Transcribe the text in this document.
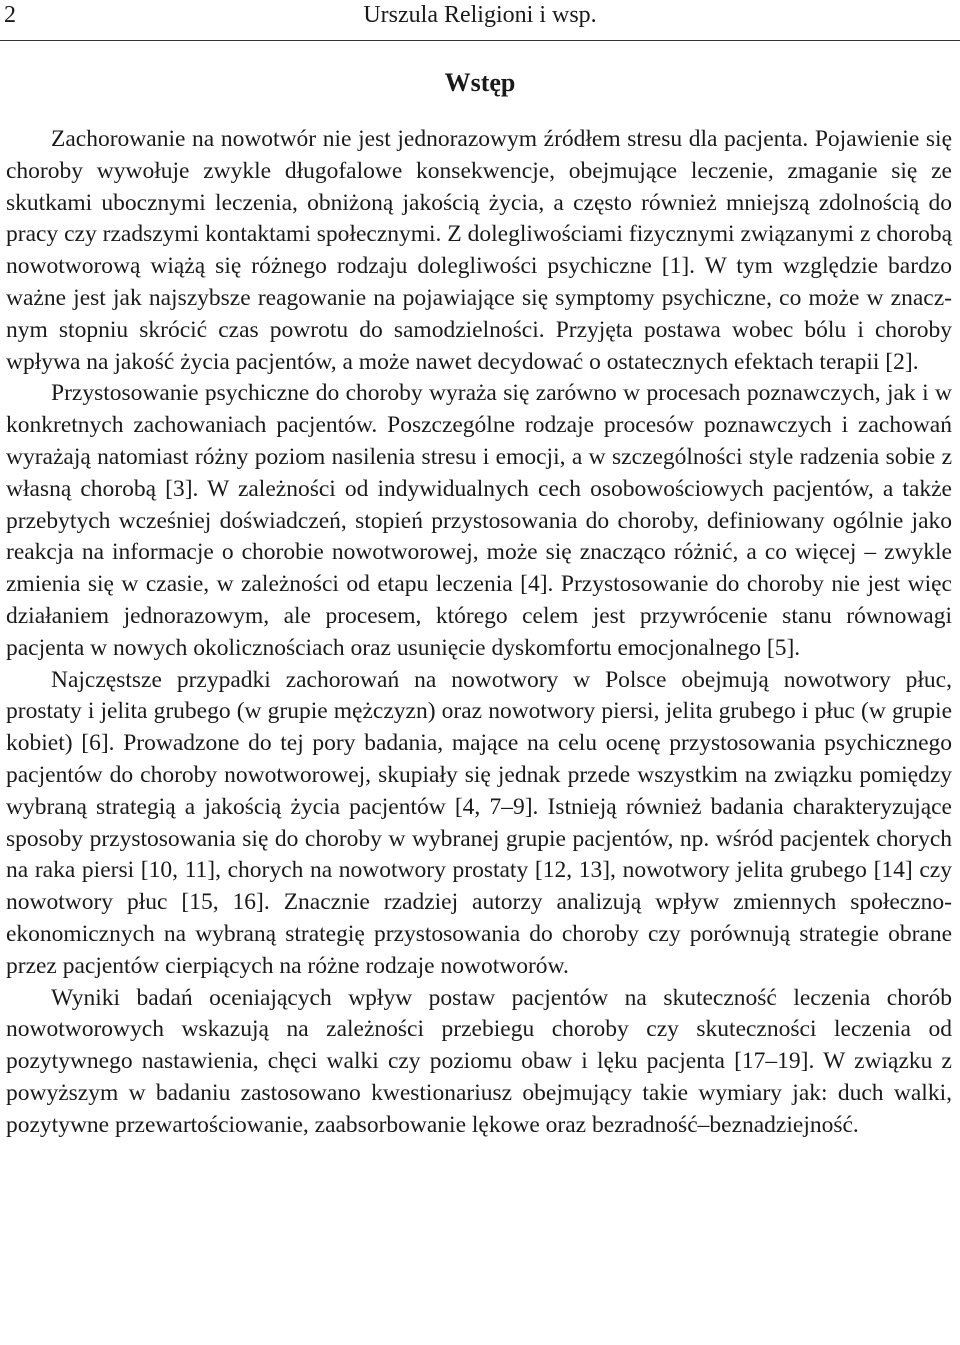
2	Urszula Religioni i wsp.
Wstęp

Zachorowanie na nowotwór nie jest jednorazowym źródłem stresu dla pacjenta. Pojawienie się choroby wywołuje zwykle długofalowe konsekwencje, obejmujące leczenie, zmaganie się ze skutkami ubocznymi leczenia, obniżoną jakością życia, a często również mniejszą zdolnością do pracy czy rzadszymi kontaktami społecznymi. Z dolegliwościami fizycznymi związanymi z chorobą nowotworową wiążą się różnego rodzaju dolegliwości psychiczne [1]. W tym względzie bardzo ważne jest jak najszybsze reagowanie na pojawiające się symptomy psychiczne, co może w znacznym stopniu skrócić czas powrotu do samodzielności. Przyjęta postawa wobec bólu i choroby wpływa na jakość życia pacjentów, a może nawet decydować o ostatecznych efektach terapii [2].

Przystosowanie psychiczne do choroby wyraża się zarówno w procesach poznawczych, jak i w konkretnych zachowaniach pacjentów. Poszczególne rodzaje procesów poznawczych i zachowań wyrażają natomiast różny poziom nasilenia stresu i emocji, a w szczególności style radzenia sobie z własną chorobą [3]. W zależności od indywidualnych cech osobowościowych pacjentów, a także przebytych wcześniej doświadczeń, stopień przystosowania do choroby, definiowany ogólnie jako reakcja na informacje o chorobie nowotworowej, może się znacząco różnić, a co więcej – zwykle zmienia się w czasie, w zależności od etapu leczenia [4]. Przystosowanie do choroby nie jest więc działaniem jednorazowym, ale procesem, którego celem jest przywrócenie stanu równowagi pacjenta w nowych okolicznościach oraz usunięcie dyskomfortu emocjonalnego [5].

Najczęstsze przypadki zachorowań na nowotwory w Polsce obejmują nowotwory płuc, prostaty i jelita grubego (w grupie mężczyzn) oraz nowotwory piersi, jelita grubego i płuc (w grupie kobiet) [6]. Prowadzone do tej pory badania, mające na celu ocenę przystosowania psychicznego pacjentów do choroby nowotworowej, skupiały się jednak przede wszystkim na związku pomiędzy wybraną strategią a jakością życia pacjentów [4, 7–9]. Istnieją również badania charakteryzujące sposoby przystosowania się do choroby w wybranej grupie pacjentów, np. wśród pacjentek chorych na raka piersi [10, 11], chorych na nowotwory prostaty [12, 13], nowotwory jelita grubego [14] czy nowotwory płuc [15, 16]. Znacznie rzadziej autorzy analizują wpływ zmiennych społeczno-ekonomicznych na wybraną strategię przystosowania do choroby czy porównują strategie obrane przez pacjentów cierpiących na różne rodzaje nowotworów.

Wyniki badań oceniających wpływ postaw pacjentów na skuteczność leczenia chorób nowotworowych wskazują na zależności przebiegu choroby czy skuteczności leczenia od pozytywnego nastawienia, chęci walki czy poziomu obaw i lęku pacjenta [17–19]. W związku z powyższym w badaniu zastosowano kwestionariusz obejmujący takie wymiary jak: duch walki, pozytywne przewartościowanie, zaabsorbowanie lękowe oraz bezradność–beznadziejność.
